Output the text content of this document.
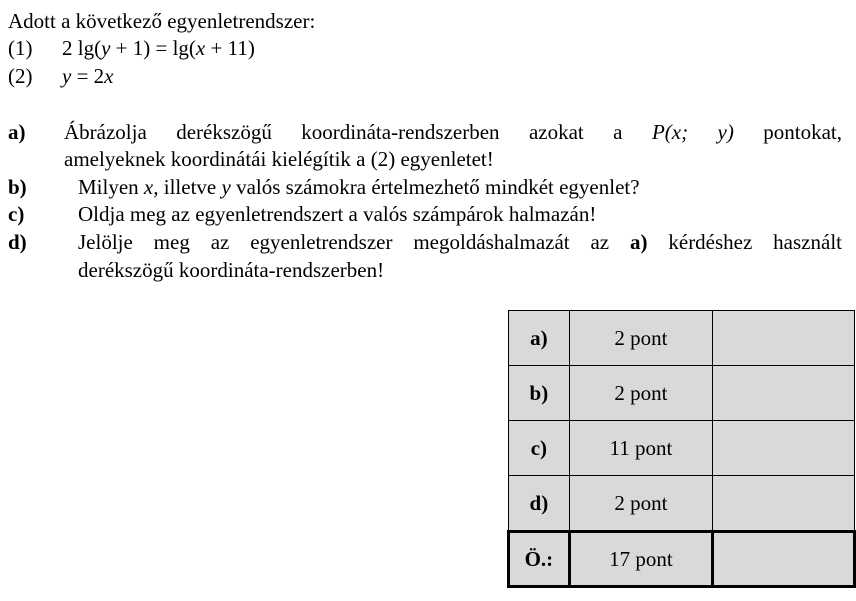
Adott a következő egyenletrendszer:
(1) 2 lg(y + 1) = lg(x + 11)
(2) y = 2x
a) Ábrázolja derékszögű koordináta-rendszerben azokat a P(x; y) pontokat,
amelyeknek koordinátái kielégítik a (2) egyenletet!
b) Milyen x, illetve y valós számokra értelmezhető mindkét egyenlet?
c)	Oldja meg az egyenletrendszert a valós számpárok halmazán!
d) Jelölje meg az egyenletrendszer megoldáshalmazát az a) kérdéshez használt
derékszögű koordináta-rendszerben!
a)	2 pont	
b)	2 pont	
c)	11 pont	
d)	2 pont	
Ö.:	17 pont	
